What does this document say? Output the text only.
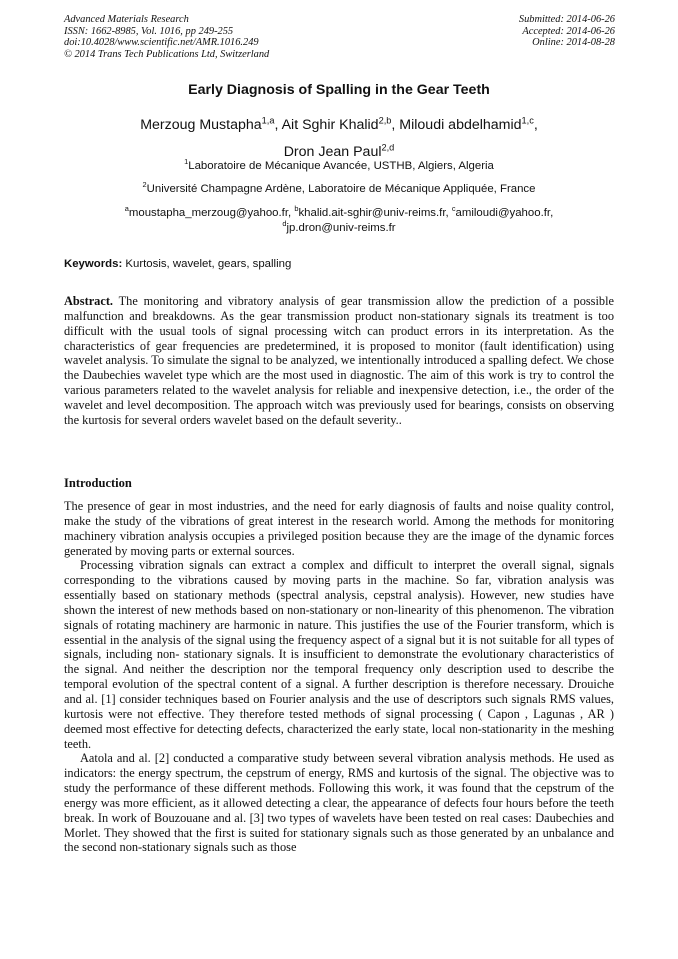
Advanced Materials Research
ISSN: 1662-8985, Vol. 1016, pp 249-255
doi:10.4028/www.scientific.net/AMR.1016.249
© 2014 Trans Tech Publications Ltd, Switzerland
Submitted: 2014-06-26
Accepted: 2014-06-26
Online: 2014-08-28
Early Diagnosis of Spalling in the Gear Teeth
Merzoug Mustapha$^{1,a}$, Ait Sghir Khalid$^{2,b}$, Miloudi abdelhamid$^{1,c}$,
Dron Jean Paul$^{2,d}$
$^1$Laboratoire de Mécanique Avancée, USTHB, Algiers, Algeria
$^2$Université Champagne Ardène, Laboratoire de Mécanique Appliquée, France
$^a$moustapha_merzoug@yahoo.fr, $^b$khalid.ait-sghir@univ-reims.fr, $^c$amiloudi@yahoo.fr,
$^d$jp.dron@univ-reims.fr
Keywords: Kurtosis, wavelet, gears, spalling
Abstract. The monitoring and vibratory analysis of gear transmission allow the prediction of a possible malfunction and breakdowns. As the gear transmission product non-stationary signals its treatment is too difficult with the usual tools of signal processing witch can product errors in its interpretation. As the characteristics of gear frequencies are predetermined, it is proposed to monitor (fault identification) using wavelet analysis. To simulate the signal to be analyzed, we intentionally introduced a spalling defect. We chose the Daubechies wavelet type which are the most used in diagnostic. The aim of this work is try to control the various parameters related to the wavelet analysis for reliable and inexpensive detection, i.e., the order of the wavelet and level decomposition. The approach witch was previously used for bearings, consists on observing the kurtosis for several orders wavelet based on the default severity..
Introduction

The presence of gear in most industries, and the need for early diagnosis of faults and noise quality control, make the study of the vibrations of great interest in the research world. Among the methods for monitoring machinery vibration analysis occupies a privileged position because they are the image of the dynamic forces generated by moving parts or external sources.

Processing vibration signals can extract a complex and difficult to interpret the overall signal, signals corresponding to the vibrations caused by moving parts in the machine. So far, vibration analysis was essentially based on stationary methods (spectral analysis, cepstral analysis). However, new studies have shown the interest of new methods based on non-stationary or non-linearity of this phenomenon. The vibration signals of rotating machinery are harmonic in nature. This justifies the use of the Fourier transform, which is essential in the analysis of the signal using the frequency aspect of a signal but it is not suitable for all types of signals, including non- stationary signals. It is insufficient to demonstrate the evolutionary characteristics of the signal. And neither the description nor the temporal frequency only description used to describe the temporal evolution of the spectral content of a signal. A further description is therefore necessary. Drouiche and al. [1] consider techniques based on Fourier analysis and the use of descriptors such signals RMS values, kurtosis were not effective. They therefore tested methods of signal processing ( Capon , Lagunas , AR ) deemed most effective for detecting defects, characterized the early state, local non-stationarity in the meshing teeth.

Aatola and al. [2] conducted a comparative study between several vibration analysis methods. He used as indicators: the energy spectrum, the cepstrum of energy, RMS and kurtosis of the signal. The objective was to study the performance of these different methods. Following this work, it was found that the cepstrum of the energy was more efficient, as it allowed detecting a clear, the appearance of defects four hours before the teeth break. In work of Bouzouane and al. [3] two types of wavelets have been tested on real cases: Daubechies and Morlet. They showed that the first is suited for stationary signals such as those generated by an unbalance and the second non-stationary signals such as those
